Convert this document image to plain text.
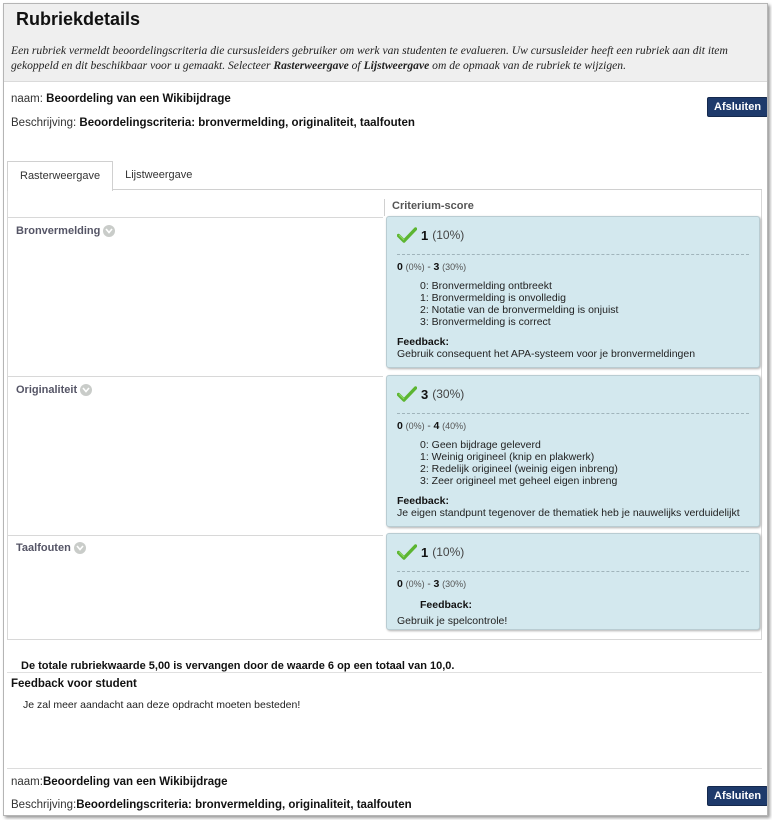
Rubriekdetails
Een rubriek vermeldt beoordelingscriteria die cursusleiders gebruiker om werk van studenten te evalueren. Uw cursusleider heeft een rubriek aan dit item
gekoppeld en dit beschikbaar voor u gemaakt. Selecteer Rasterweergave of Lijstweergave om de opmaak van de rubriek te wijzigen.
naam: Beoordeling van een Wikibijdrage
Beschrijving: Beoordelingscriteria: bronvermelding, originaliteit, taalfouten
Afsluiten
Rasterweergave	Lijstweergave
Criterium-score
Bronvermelding	1 (10%)
0 (0%) - 3 (30%)
0: Bronvermelding ontbreekt
1: Bronvermelding is onvolledig
2: Notatie van de bronvermelding is onjuist
3: Bronvermelding is correct
Feedback:
Gebruik consequent het APA-systeem voor je bronvermeldingen
Originaliteit	3 (30%)
0 (0%) - 4 (40%)
0: Geen bijdrage geleverd
1: Weinig origineel (knip en plakwerk)
2: Redelijk origineel (weinig eigen inbreng)
3: Zeer origineel met geheel eigen inbreng
Feedback:
Je eigen standpunt tegenover de thematiek heb je nauwelijks verduidelijkt
Taalfouten	1 (10%)
0 (0%) - 3 (30%)
Feedback:
Gebruik je spelcontrole!
De totale rubriekwaarde 5,00 is vervangen door de waarde 6 op een totaal van 10,0.
Feedback voor student
Je zal meer aandacht aan deze opdracht moeten besteden!
naam:Beoordeling van een Wikibijdrage
Beschrijving:Beoordelingscriteria: bronvermelding, originaliteit, taalfouten
Afsluiten
